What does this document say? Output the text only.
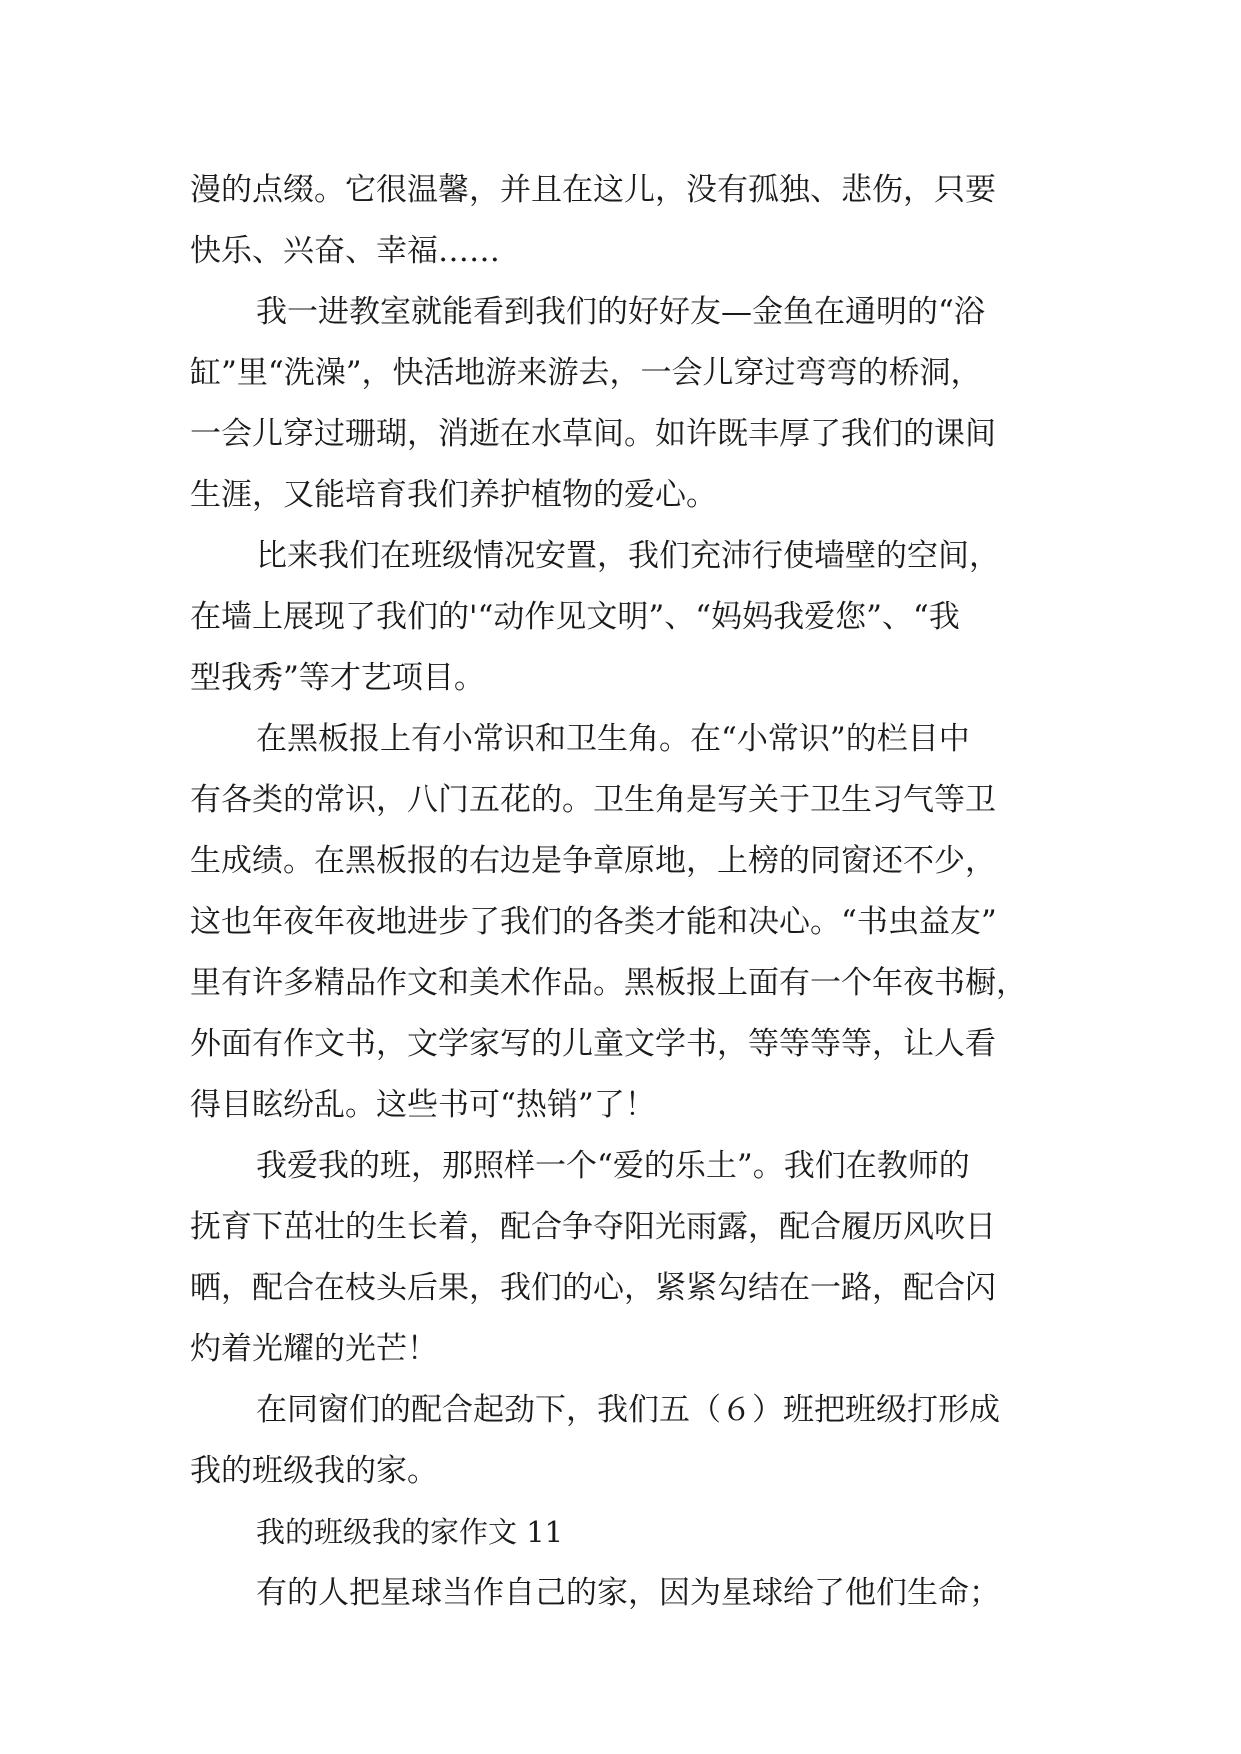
漫的点缀。它很温馨，并且在这儿，没有孤独、悲伤，只要
快乐、兴奋、幸福……
我一进教室就能看到我们的好好友—金鱼在通明的“浴
缸”里“洗澡”，快活地游来游去，一会儿穿过弯弯的桥洞，
一会儿穿过珊瑚，消逝在水草间。如许既丰厚了我们的课间
生涯，又能培育我们养护植物的爱心。
比来我们在班级情况安置，我们充沛行使墙壁的空间，
在墙上展现了我们的'“动作见文明”、“妈妈我爱您”、“我
型我秀”等才艺项目。
在黑板报上有小常识和卫生角。在“小常识”的栏目中
有各类的常识，八门五花的。卫生角是写关于卫生习气等卫
生成绩。在黑板报的右边是争章原地，上榜的同窗还不少，
这也年夜年夜地进步了我们的各类才能和决心。“书虫益友”
里有许多精品作文和美术作品。黑板报上面有一个年夜书橱，
外面有作文书，文学家写的儿童文学书，等等等等，让人看
得目眩纷乱。这些书可“热销”了！
我爱我的班，那照样一个“爱的乐土”。我们在教师的
抚育下茁壮的生长着，配合争夺阳光雨露，配合履历风吹日
晒，配合在枝头后果，我们的心，紧紧勾结在一路，配合闪
灼着光耀的光芒！
在同窗们的配合起劲下，我们五（６）班把班级打形成
我的班级我的家。
我的班级我的家作文 11
有的人把星球当作自己的家，因为星球给了他们生命；
